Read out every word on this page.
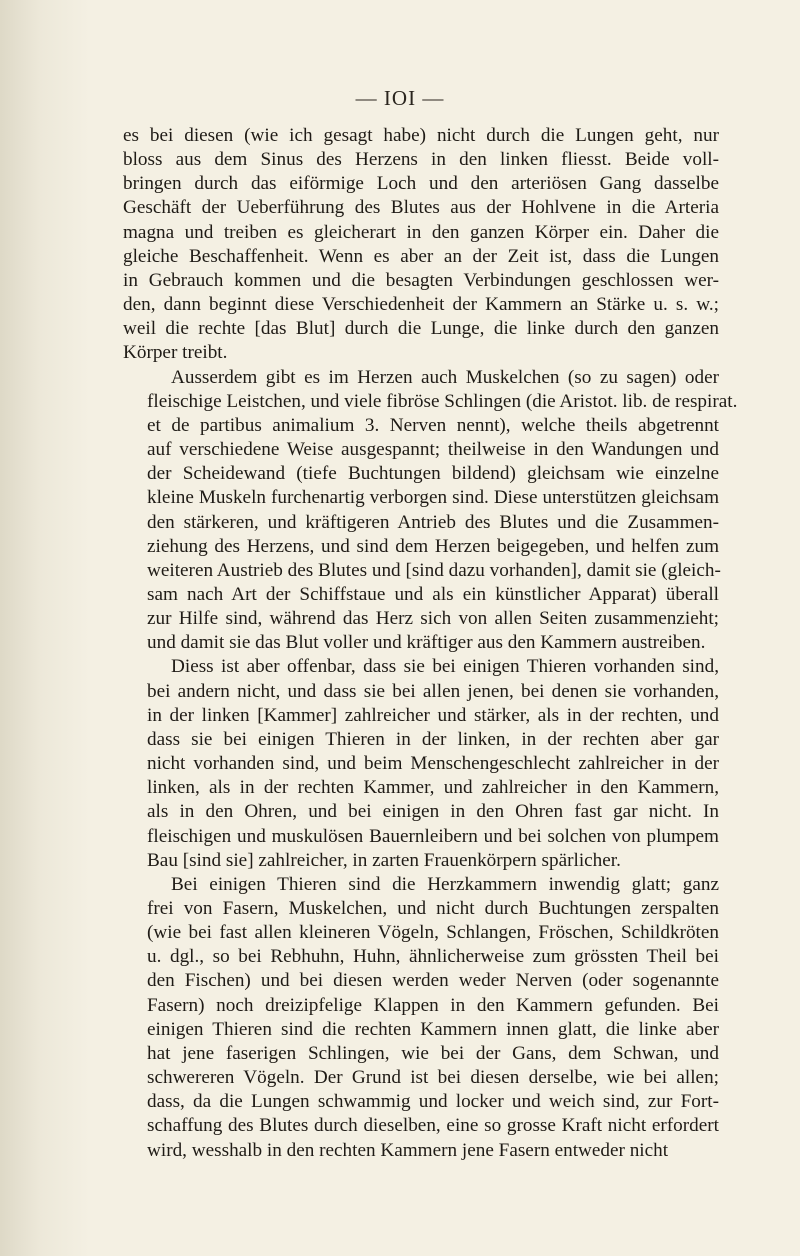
— IOI —
es bei diesen (wie ich gesagt habe) nicht durch die Lungen geht, nur
bloss aus dem Sinus des Herzens in den linken fliesst. Beide voll-
bringen durch das eiförmige Loch und den arteriösen Gang dasselbe
Geschäft der Ueberführung des Blutes aus der Hohlvene in die Arteria
magna und treiben es gleicherart in den ganzen Körper ein. Daher die
gleiche Beschaffenheit. Wenn es aber an der Zeit ist, dass die Lungen
in Gebrauch kommen und die besagten Verbindungen geschlossen wer-
den, dann beginnt diese Verschiedenheit der Kammern an Stärke u. s. w.;
weil die rechte [das Blut] durch die Lunge, die linke durch den ganzen
Körper treibt.
Ausserdem gibt es im Herzen auch Muskelchen (so zu sagen) oder
fleischige Leistchen, und viele fibröse Schlingen (die Aristot. lib. de respirat.
et de partibus animalium 3. Nerven nennt), welche theils abgetrennt
auf verschiedene Weise ausgespannt; theilweise in den Wandungen und
der Scheidewand (tiefe Buchtungen bildend) gleichsam wie einzelne
kleine Muskeln furchenartig verborgen sind. Diese unterstützen gleichsam
den stärkeren, und kräftigeren Antrieb des Blutes und die Zusammen-
ziehung des Herzens, und sind dem Herzen beigegeben, und helfen zum
weiteren Austrieb des Blutes und [sind dazu vorhanden], damit sie (gleich-
sam nach Art der Schiffstaue und als ein künstlicher Apparat) überall
zur Hilfe sind, während das Herz sich von allen Seiten zusammenzieht;
und damit sie das Blut voller und kräftiger aus den Kammern austreiben.
Diess ist aber offenbar, dass sie bei einigen Thieren vorhanden sind,
bei andern nicht, und dass sie bei allen jenen, bei denen sie vorhanden,
in der linken [Kammer] zahlreicher und stärker, als in der rechten, und
dass sie bei einigen Thieren in der linken, in der rechten aber gar
nicht vorhanden sind, und beim Menschengeschlecht zahlreicher in der
linken, als in der rechten Kammer, und zahlreicher in den Kammern,
als in den Ohren, und bei einigen in den Ohren fast gar nicht. In
fleischigen und muskulösen Bauernleibern und bei solchen von plumpem
Bau [sind sie] zahlreicher, in zarten Frauenkörpern spärlicher.
Bei einigen Thieren sind die Herzkammern inwendig glatt; ganz
frei von Fasern, Muskelchen, und nicht durch Buchtungen zerspalten
(wie bei fast allen kleineren Vögeln, Schlangen, Fröschen, Schildkröten
u. dgl., so bei Rebhuhn, Huhn, ähnlicherweise zum grössten Theil bei
den Fischen) und bei diesen werden weder Nerven (oder sogenannte
Fasern) noch dreizipfelige Klappen in den Kammern gefunden. Bei
einigen Thieren sind die rechten Kammern innen glatt, die linke aber
hat jene faserigen Schlingen, wie bei der Gans, dem Schwan, und
schwereren Vögeln. Der Grund ist bei diesen derselbe, wie bei allen;
dass, da die Lungen schwammig und locker und weich sind, zur Fort-
schaffung des Blutes durch dieselben, eine so grosse Kraft nicht erfordert
wird, wesshalb in den rechten Kammern jene Fasern entweder nicht
